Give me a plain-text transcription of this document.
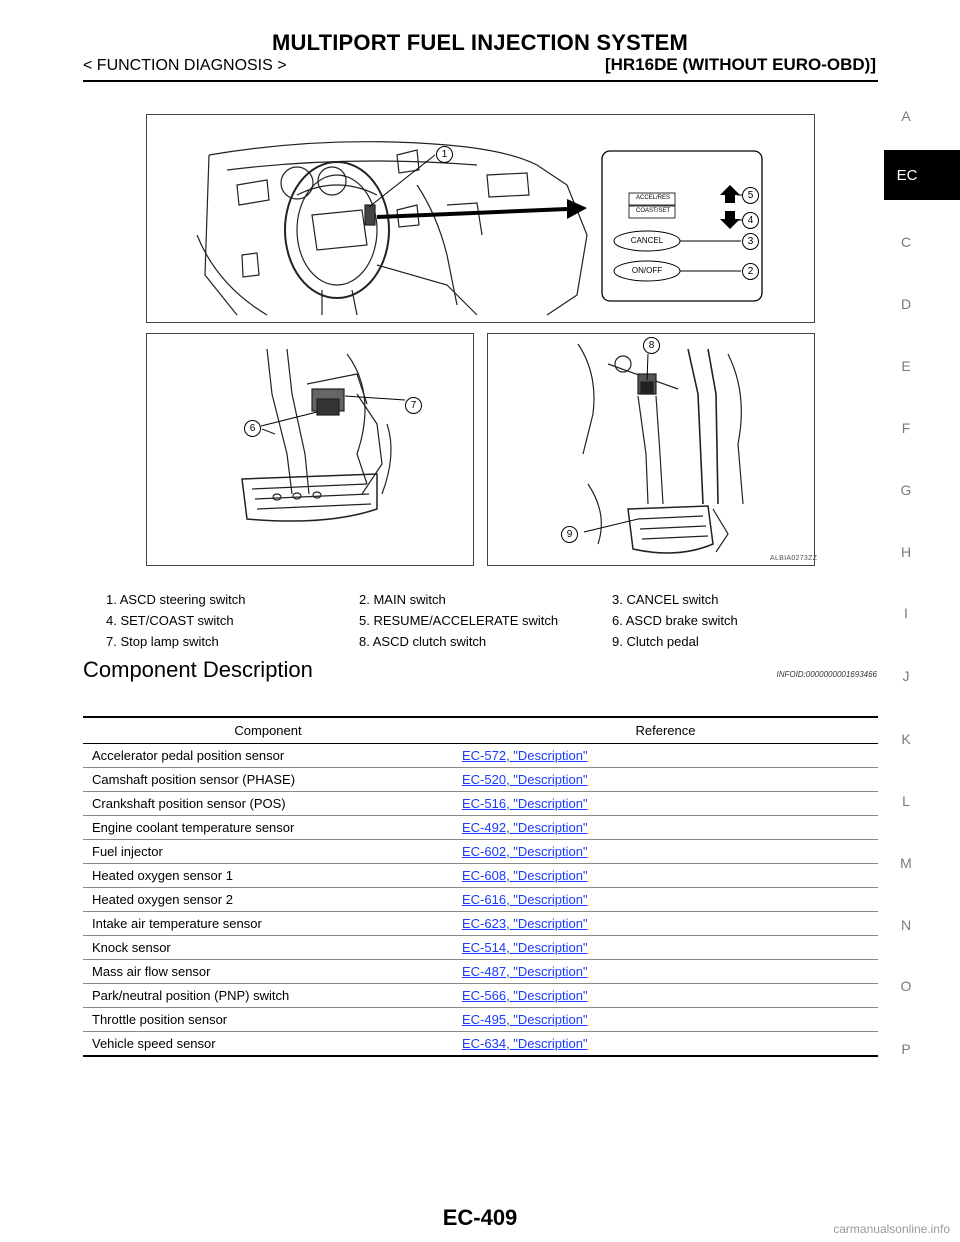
MULTIPORT FUEL INJECTION SYSTEM
< FUNCTION DIAGNOSIS >	[HR16DE (WITHOUT EURO-OBD)]
A
EC
C
D
E
F
G
H
I
J
K
L
M
N
O
P
ACCEL/RES
COAST/SET
CANCEL
ON/OFF
1
2
3
4
5
7
6
8
9
ALBIA0273ZZ
1. ASCD steering switch	2. MAIN switch	3. CANCEL switch
4. SET/COAST switch	5. RESUME/ACCELERATE switch	6. ASCD brake switch
7. Stop lamp switch	8. ASCD clutch switch	9. Clutch pedal
Component Description	INFOID:0000000001693466
Component	Reference
Accelerator pedal position sensor	EC-572, "Description"
Camshaft position sensor (PHASE)	EC-520, "Description"
Crankshaft position sensor (POS)	EC-516, "Description"
Engine coolant temperature sensor	EC-492, "Description"
Fuel injector	EC-602, "Description"
Heated oxygen sensor 1	EC-608, "Description"
Heated oxygen sensor 2	EC-616, "Description"
Intake air temperature sensor	EC-623, "Description"
Knock sensor	EC-514, "Description"
Mass air flow sensor	EC-487, "Description"
Park/neutral position (PNP) switch	EC-566, "Description"
Throttle position sensor	EC-495, "Description"
Vehicle speed sensor	EC-634, "Description"
EC-409	carmanualsonline.info
